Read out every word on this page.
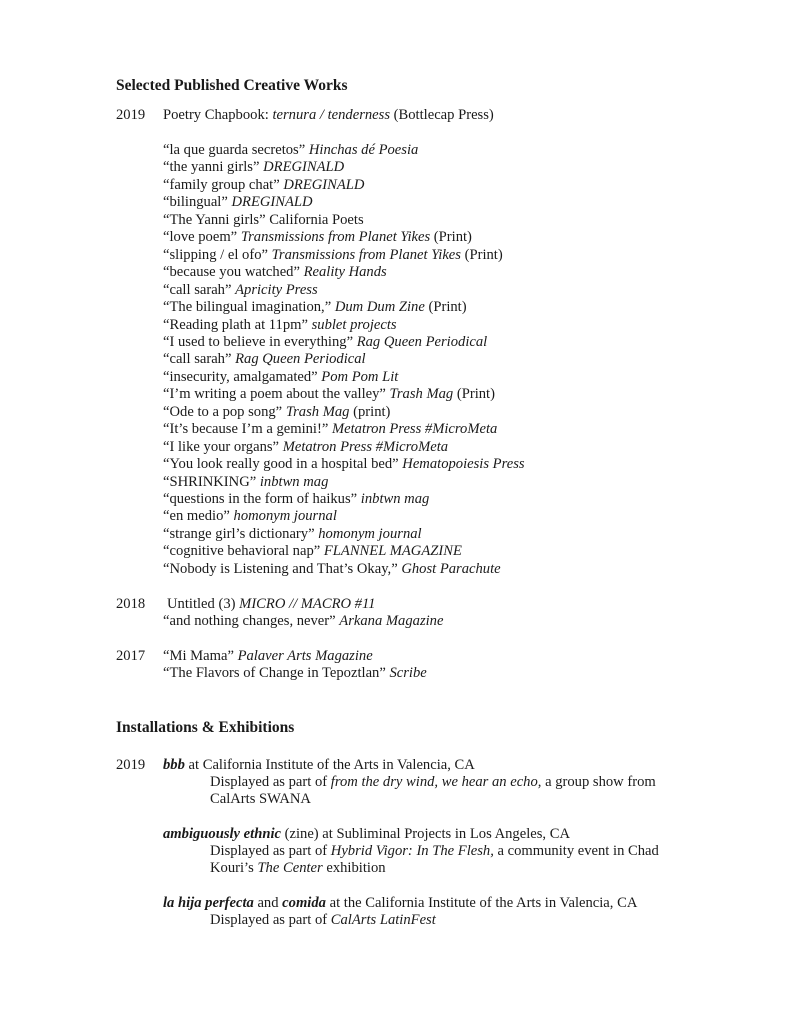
Selected Published Creative Works
2019 Poetry Chapbook: ternura / tenderness (Bottlecap Press)
“la que guarda secretos” Hinchas dé Poesia
“the yanni girls” DREGINALD
“family group chat” DREGINALD
“bilingual” DREGINALD
“The Yanni girls” California Poets
“love poem” Transmissions from Planet Yikes (Print)
“slipping / el ofo” Transmissions from Planet Yikes (Print)
“because you watched” Reality Hands
“call sarah” Apricity Press
“The bilingual imagination,” Dum Dum Zine (Print)
“Reading plath at 11pm” sublet projects
“I used to believe in everything” Rag Queen Periodical
“call sarah” Rag Queen Periodical
“insecurity, amalgamated” Pom Pom Lit
“I’m writing a poem about the valley” Trash Mag (Print)
“Ode to a pop song” Trash Mag (print)
“It’s because I’m a gemini!” Metatron Press #MicroMeta
“I like your organs” Metatron Press #MicroMeta
“You look really good in a hospital bed” Hematopoiesis Press
“SHRINKING” inbtwn mag
“questions in the form of haikus” inbtwn mag
“en medio” homonym journal
“strange girl’s dictionary” homonym journal
“cognitive behavioral nap” FLANNEL MAGAZINE
“Nobody is Listening and That’s Okay,” Ghost Parachute
2018 Untitled (3) MICRO // MACRO #11
“and nothing changes, never” Arkana Magazine
2017 “Mi Mama” Palaver Arts Magazine
“The Flavors of Change in Tepoztlan” Scribe
Installations & Exhibitions
2019 bbb at California Institute of the Arts in Valencia, CA
Displayed as part of from the dry wind, we hear an echo, a group show from
CalArts SWANA
ambiguously ethnic (zine) at Subliminal Projects in Los Angeles, CA
Displayed as part of Hybrid Vigor: In The Flesh, a community event in Chad
Kouri’s The Center exhibition
la hija perfecta and comida at the California Institute of the Arts in Valencia, CA
Displayed as part of CalArts LatinFest
